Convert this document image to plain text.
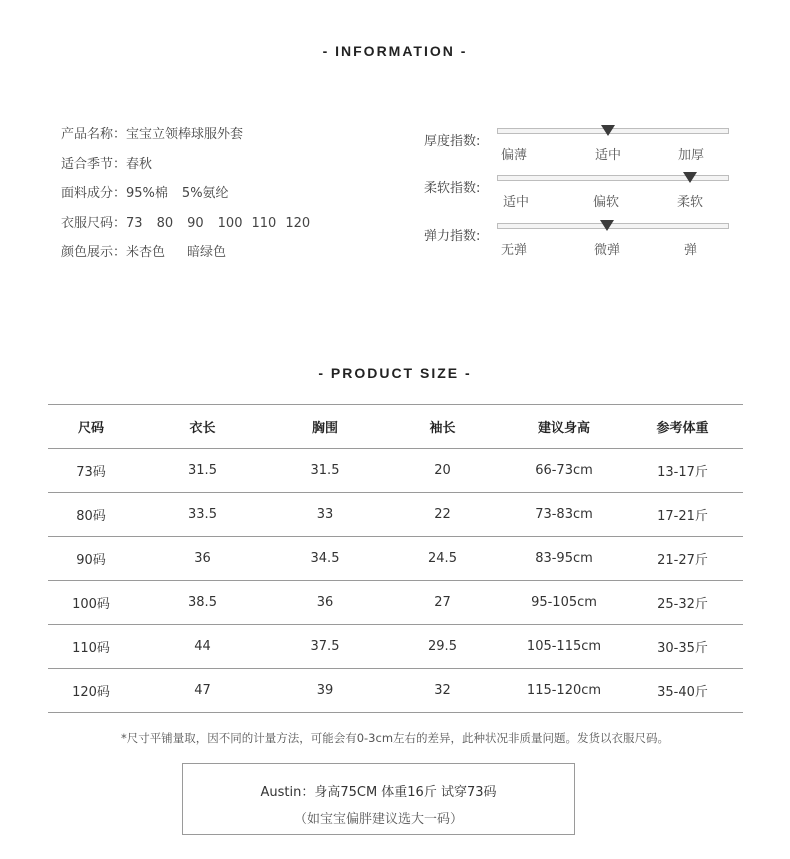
- INFORMATION -
产品名称：宝宝立领棒球服外套
适合季节：春秋
面料成分：95%棉 5%氨纶
衣服尺码：73 80 90 100 110 120
颜色展示：米杏色 暗绿色
厚度指数:
偏薄	适中	加厚
柔软指数:
适中	偏软	柔软
弹力指数:
无弹	微弹	弹
- PRODUCT SIZE -
尺码	衣长	胸围	袖长	建议身高	参考体重
73码	31.5	31.5	20	66-73cm	13-17斤
80码	33.5	33	22	73-83cm	17-21斤
90码	36	34.5	24.5	83-95cm	21-27斤
100码	38.5	36	27	95-105cm	25-32斤
110码	44	37.5	29.5	105-115cm	30-35斤
120码	47	39	32	115-120cm	35-40斤
*尺寸平铺量取，因不同的计量方法，可能会有0-3cm左右的差异，此种状况非质量问题。发货以衣服尺码。
Austin：身高75CM 体重16斤 试穿73码
（如宝宝偏胖建议选大一码）
